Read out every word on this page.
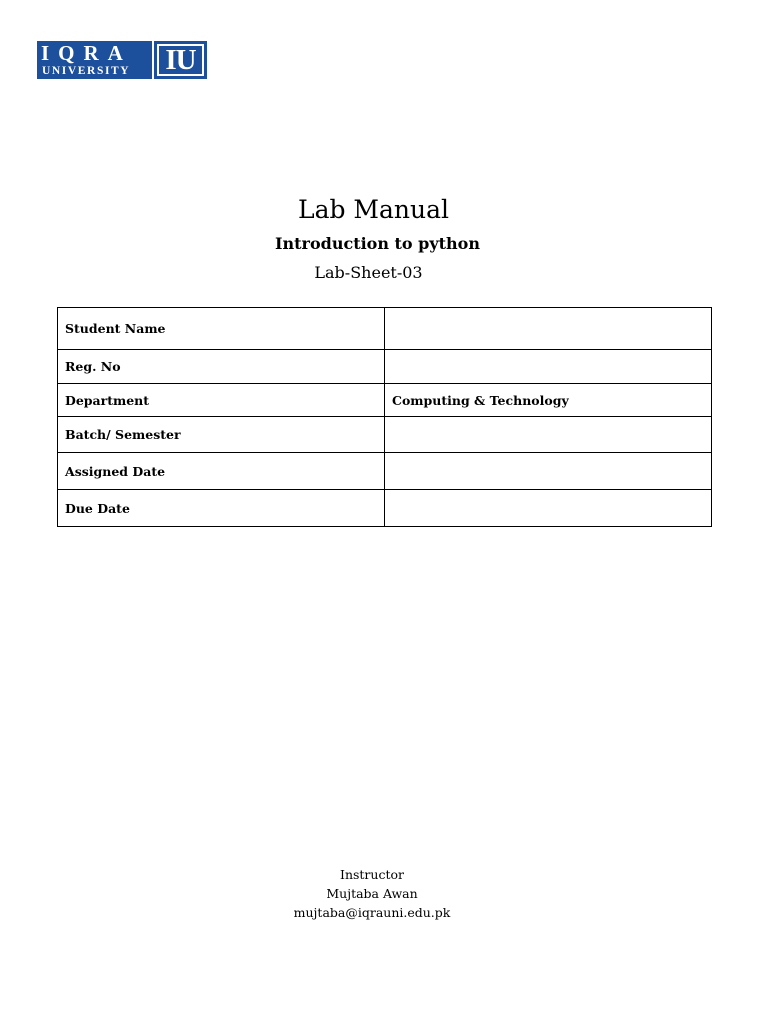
IQRA
UNIVERSITY IU
Lab Manual
Introduction to python
Lab-Sheet-03
Student Name	
Reg. No	
Department	Computing & Technology
Batch/ Semester	
Assigned Date	
Due Date	
Instructor
Mujtaba Awan
mujtaba@iqrauni.edu.pk
